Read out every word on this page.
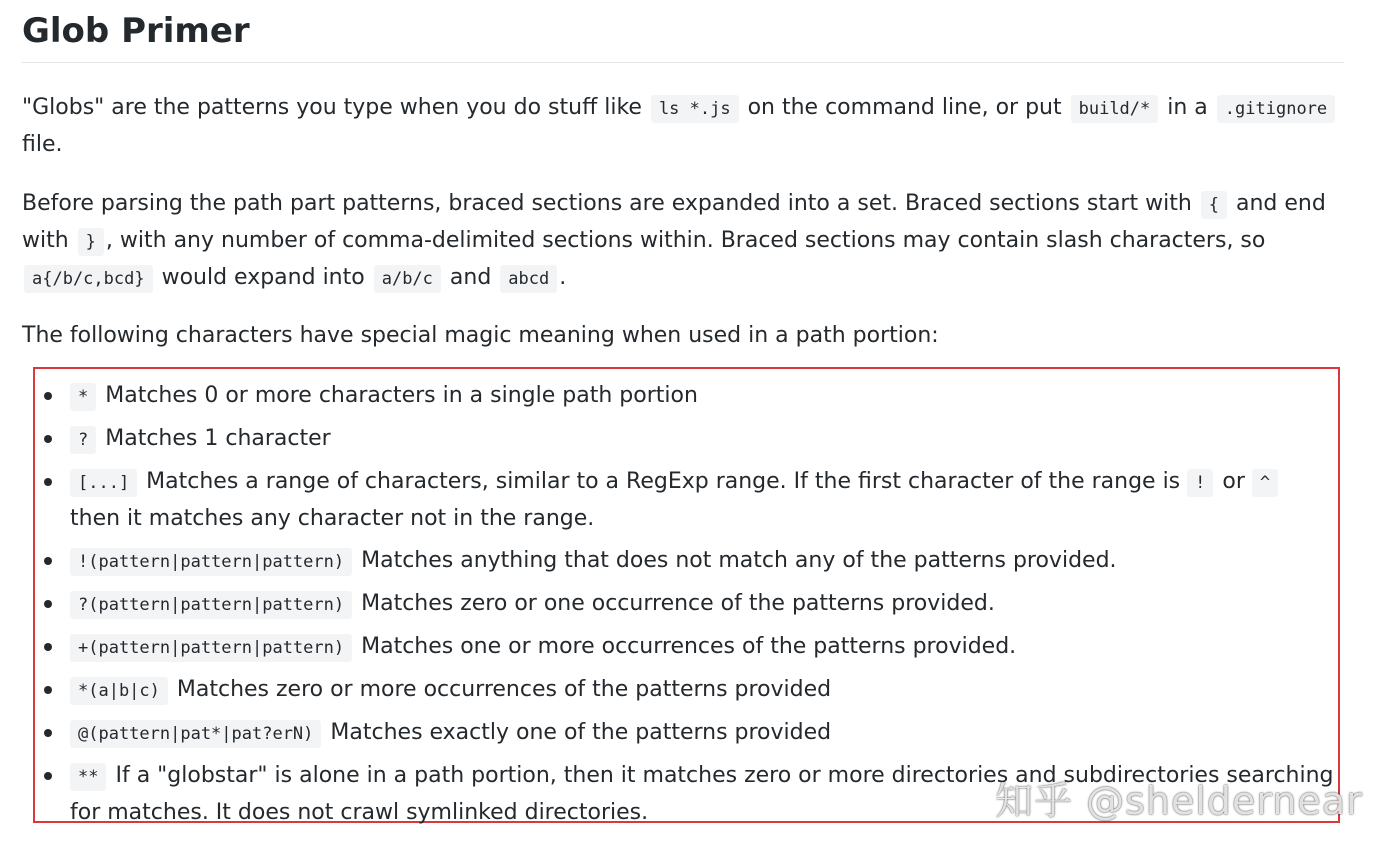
Glob Primer

"Globs" are the patterns you type when you do stuff like ls *.js on the command line, or put build/* in a .gitignore file.

Before parsing the path part patterns, braced sections are expanded into a set. Braced sections start with { and end with } , with any number of comma-delimited sections within. Braced sections may contain slash characters, so a{/b/c,bcd} would expand into a/b/c and abcd .

The following characters have special magic meaning when used in a path portion:

* Matches 0 or more characters in a single path portion
? Matches 1 character
[...] Matches a range of characters, similar to a RegExp range. If the first character of the range is ! or ^ then it matches any character not in the range.
!(pattern|pattern|pattern) Matches anything that does not match any of the patterns provided.
?(pattern|pattern|pattern) Matches zero or one occurrence of the patterns provided.
+(pattern|pattern|pattern) Matches one or more occurrences of the patterns provided.
*(a|b|c) Matches zero or more occurrences of the patterns provided
@(pattern|pat*|pat?erN) Matches exactly one of the patterns provided
** If a "globstar" is alone in a path portion, then it matches zero or more directories and subdirectories searching for matches. It does not crawl symlinked directories.	知乎 @sheldernear
